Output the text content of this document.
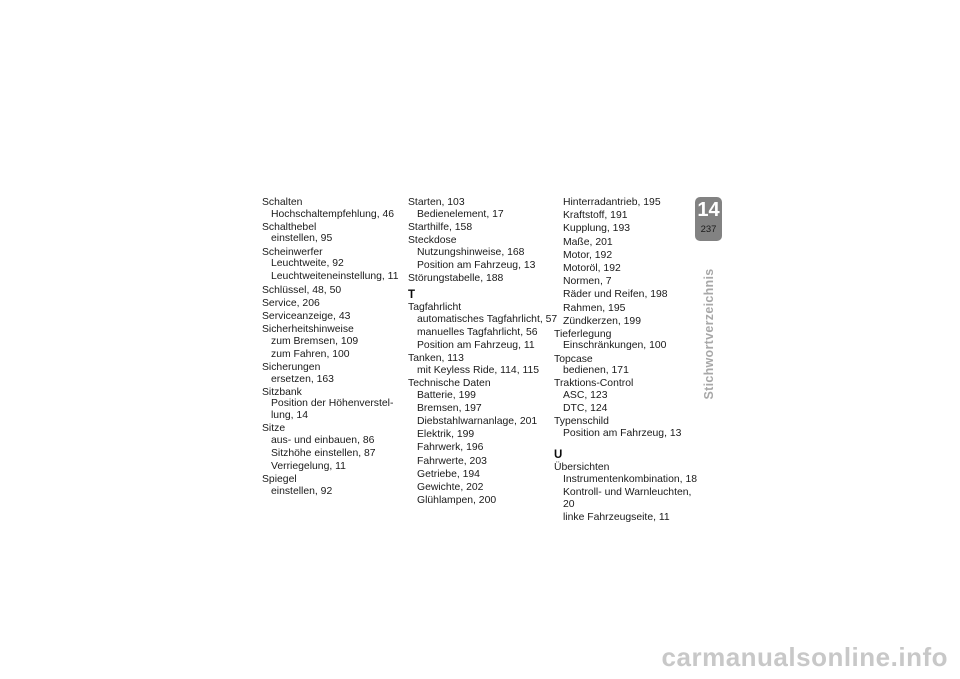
Schalten
Hochschaltempfehlung, 46
Schalthebel
einstellen, 95
Scheinwerfer
Leuchtweite, 92
Leuchtweiteneinstellung, 11
Schlüssel, 48, 50
Service, 206
Serviceanzeige, 43
Sicherheitshinweise
zum Bremsen, 109
zum Fahren, 100
Sicherungen
ersetzen, 163
Sitzbank
Position der Höhenverstel-
lung, 14
Sitze
aus- und einbauen, 86
Sitzhöhe einstellen, 87
Verriegelung, 11
Spiegel
einstellen, 92
Starten, 103
Bedienelement, 17
Starthilfe, 158
Steckdose
Nutzungshinweise, 168
Position am Fahrzeug, 13
Störungstabelle, 188
T
Tagfahrlicht
automatisches Tagfahrlicht, 57
manuelles Tagfahrlicht, 56
Position am Fahrzeug, 11
Tanken, 113
mit Keyless Ride, 114, 115
Technische Daten
Batterie, 199
Bremsen, 197
Diebstahlwarnanlage, 201
Elektrik, 199
Fahrwerk, 196
Fahrwerte, 203
Getriebe, 194
Gewichte, 202
Glühlampen, 200
Hinterradantrieb, 195
Kraftstoff, 191
Kupplung, 193
Maße, 201
Motor, 192
Motoröl, 192
Normen, 7
Räder und Reifen, 198
Rahmen, 195
Zündkerzen, 199
Tieferlegung
Einschränkungen, 100
Topcase
bedienen, 171
Traktions-Control
ASC, 123
DTC, 124
Typenschild
Position am Fahrzeug, 13
U
Übersichten
Instrumentenkombination, 18
Kontroll- und Warnleuchten, 20
linke Fahrzeugseite, 11
14
237
Stichwortverzeichnis
carmanualsonline.info
